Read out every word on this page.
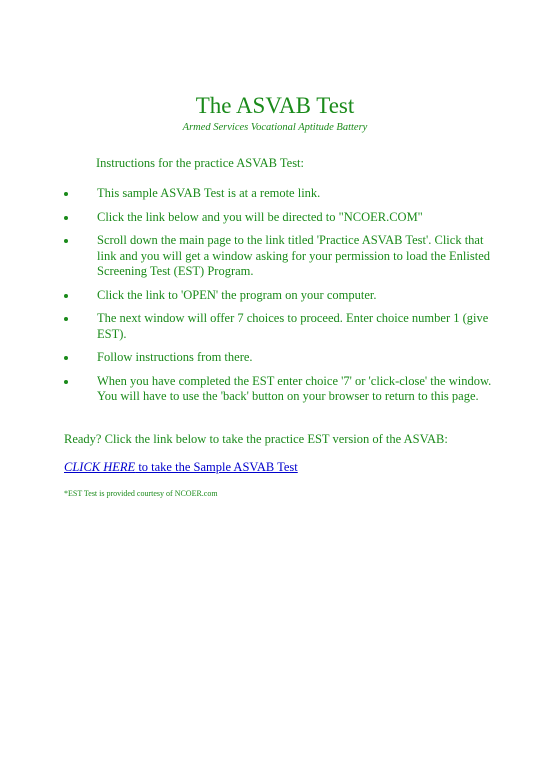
The ASVAB Test
Armed Services Vocational Aptitude Battery
Instructions for the practice ASVAB Test:
This sample ASVAB Test is at a remote link.
Click the link below and you will be directed to "NCOER.COM"
Scroll down the main page to the link titled 'Practice ASVAB Test'. Click that link and you will get a window asking for your permission to load the Enlisted Screening Test (EST) Program.
Click the link to 'OPEN' the program on your computer.
The next window will offer 7 choices to proceed. Enter choice number 1 (give EST).
Follow instructions from there.
When you have completed the EST enter choice '7' or 'click-close' the window. You will have to use the 'back' button on your browser to return to this page.
Ready? Click the link below to take the practice EST version of the ASVAB:
CLICK HERE to take the Sample ASVAB Test
*EST Test is provided courtesy of NCOER.com
